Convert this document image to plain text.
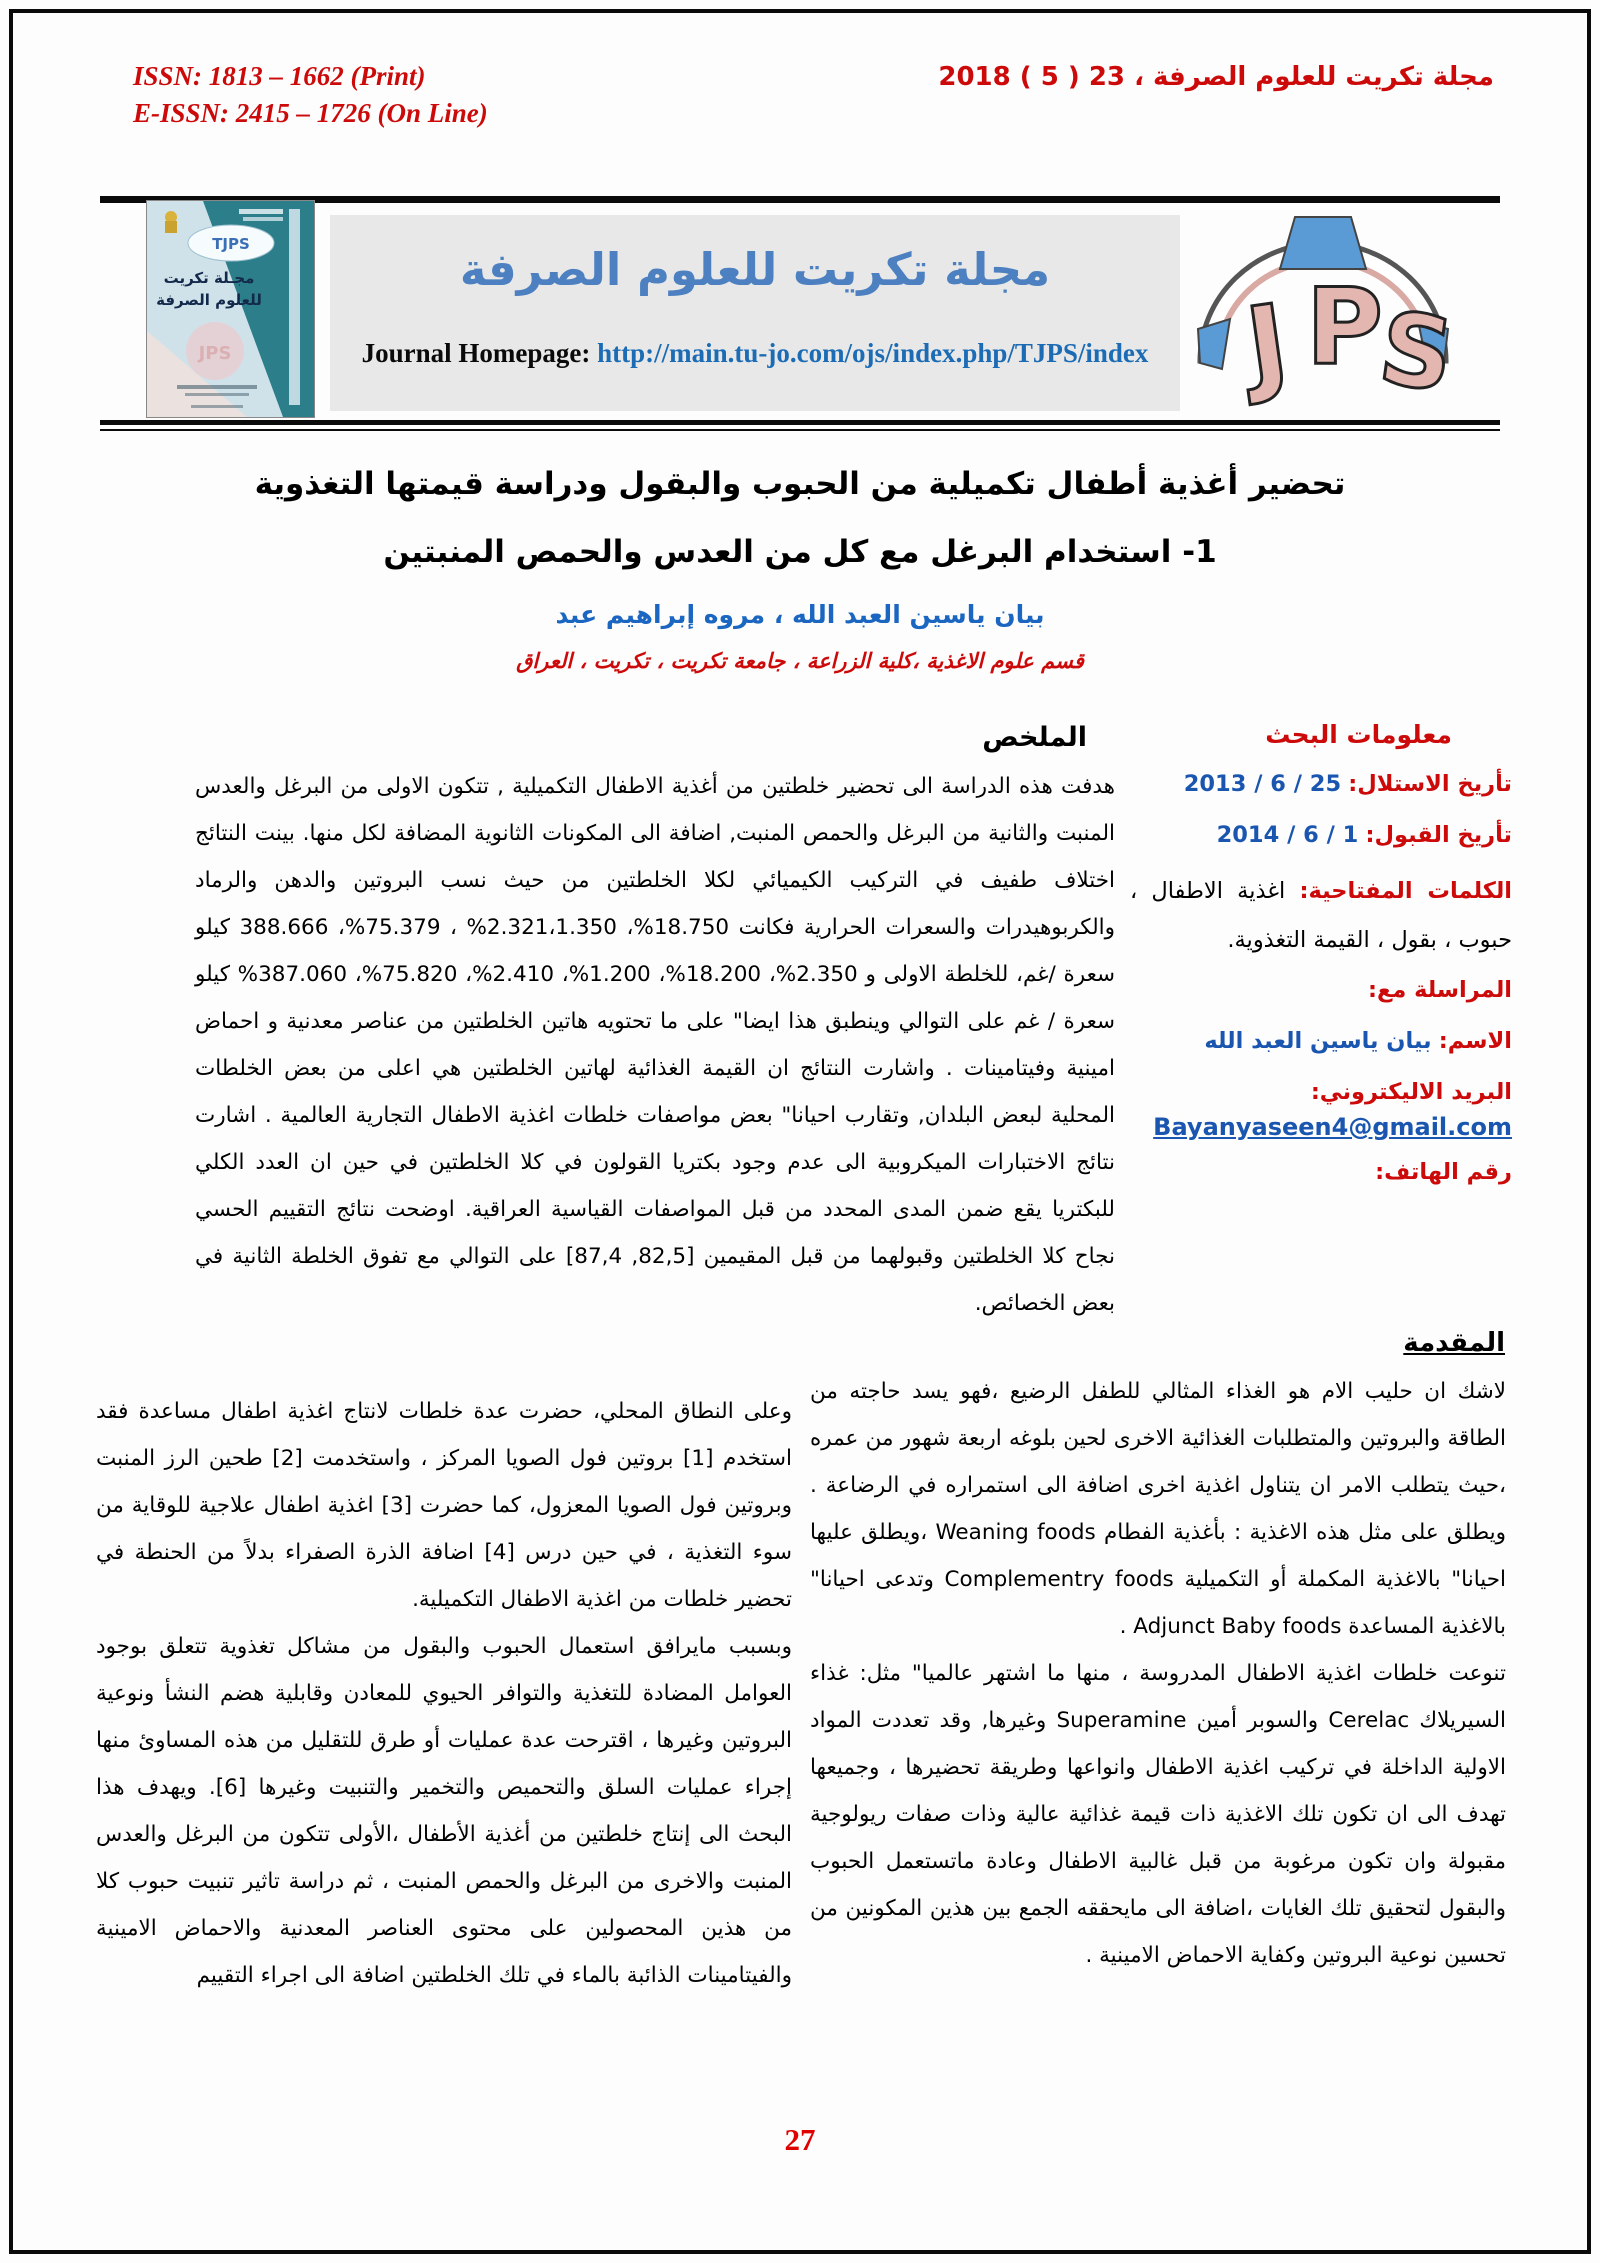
ISSN: 1813 – 1662 (Print)
E-ISSN: 2415 – 1726 (On Line)
مجلة تكريت للعلوم الصرفة ، 23 ‏( 5 )‏ 2018
JPS
TJPS
مجـلة تكريت
للعلوم الصرفة
مجلة تكريت للعلوم الصرفة
Journal Homepage: http://main.tu-jo.com/ojs/index.php/TJPS/index J P
S
تحضير أغذية أطفال تكميلية من الحبوب والبقول ودراسة قيمتها التغذوية
1- استخدام البرغل مع كل من العدس والحمص المنبتين
بيان ياسين العبد الله ، مروه إبراهيم عبد
قسم علوم الاغذية ،كلية الزراعة ، جامعة تكريت ، تكريت ، العراق
الملخص

هدفت هذه الدراسة الى تحضير خلطتين من أغذية الاطفال التكميلية , تتكون الاولى من البرغل والعدس المنبت والثانية من البرغل والحمص المنبت, اضافة الى المكونات الثانوية المضافة لكل منها. بينت النتائج اختلاف طفيف في التركيب الكيميائي لكلا الخلطتين من حيث نسب البروتين والدهن والرماد والكربوهيدرات والسعرات الحرارية فكانت 18.750%، 2.321،1.350% ، 75.379%، 388.666 كيلو سعرة /غم، للخلطة الاولى و 2.350%، 18.200%، 1.200%، 2.410%، 75.820%، 387.060% كيلو سعرة / غم على التوالي وينطبق هذا ايضا" على ما تحتويه هاتين الخلطتين من عناصر معدنية و احماض امينية وفيتامينات . واشارت النتائج ان القيمة الغذائية لهاتين الخلطتين هي اعلى من بعض الخلطات المحلية لبعض البلدان, وتقارب احيانا" بعض مواصفات خلطات اغذية الاطفال التجارية العالمية . اشارت نتائج الاختبارات الميكروبية الى عدم وجود بكتريا القولون في كلا الخلطتين في حين ان العدد الكلي للبكتريا يقع ضمن المدى المحدد من قبل المواصفات القياسية العراقية. اوضحت نتائج التقييم الحسي نجاح كلا الخلطتين وقبولهما من قبل المقيمين [82,5, 87,4] على التوالي مع تفوق الخلطة الثانية في بعض الخصائص.

معلومات البحث
تأريخ الاستلال: 25 / 6 / 2013
تأريخ القبول: 1 / 6 / 2014
الكلمات المفتاحية: اغذية الاطفال ، حبوب ، بقول ، القيمة التغذوية.
المراسلة مع:
الاسم: بيان ياسين العبد الله
البريد الاليكتروني:
Bayanyaseen4@gmail.com
رقم الهاتف:
المقدمة

لاشك ان حليب الام هو الغذاء المثالي للطفل الرضيع ،فهو يسد حاجته من الطاقة والبروتين والمتطلبات الغذائية الاخرى لحين بلوغه اربعة شهور من عمره ،حيث يتطلب الامر ان يتناول اغذية اخرى اضافة الى استمراره في الرضاعة . ويطلق على مثل هذه الاغذية : بأغذية الفطام Weaning foods ،ويطلق عليها احيانا" بالاغذية المكملة أو التكميلية Complementry foods وتدعى احيانا" بالاغذية المساعدة Adjunct Baby foods .

تنوعت خلطات اغذية الاطفال المدروسة ، منها ما اشتهر عالميا" مثل: غذاء السيريلاك Cerelac والسوبر أمين Superamine وغيرها, وقد تعددت المواد الاولية الداخلة في تركيب اغذية الاطفال وانواعها وطريقة تحضيرها ، وجميعها تهدف الى ان تكون تلك الاغذية ذات قيمة غذائية عالية وذات صفات ريولوجية مقبولة وان تكون مرغوبة من قبل غالبية الاطفال وعادة ماتستعمل الحبوب والبقول لتحقيق تلك الغايات ،اضافة الى مايحققه الجمع بين هذين المكونين من تحسين نوعية البروتين وكفاية الاحماض الامينية .

وعلى النطاق المحلي، حضرت عدة خلطات لانتاج اغذية اطفال مساعدة فقد استخدم [1] بروتين فول الصويا المركز ، واستخدمت [2] طحين الرز المنبت وبروتين فول الصويا المعزول، كما حضرت [3] اغذية اطفال علاجية للوقاية من سوء التغذية ، في حين درس [4] اضافة الذرة الصفراء بدلاً من الحنطة في تحضير خلطات من اغذية الاطفال التكميلية.

وبسبب مايرافق استعمال الحبوب والبقول من مشاكل تغذوية تتعلق بوجود العوامل المضادة للتغذية والتوافر الحيوي للمعادن وقابلية هضم النشأ ونوعية البروتين وغيرها ، اقترحت عدة عمليات أو طرق للتقليل من هذه المساوئ منها إجراء عمليات السلق والتحميص والتخمير والتنبيت وغيرها [6]. ويهدف هذا البحث الى إنتاج خلطتين من أغذية الأطفال ،الأولى تتكون من البرغل والعدس المنبت والاخرى من البرغل والحمص المنبت ، ثم دراسة تاثير تنبيت حبوب كلا من هذين المحصولين على محتوى العناصر المعدنية والاحماض الامينية والفيتامينات الذائبة بالماء في تلك الخلطتين اضافة الى اجراء التقييم

27
